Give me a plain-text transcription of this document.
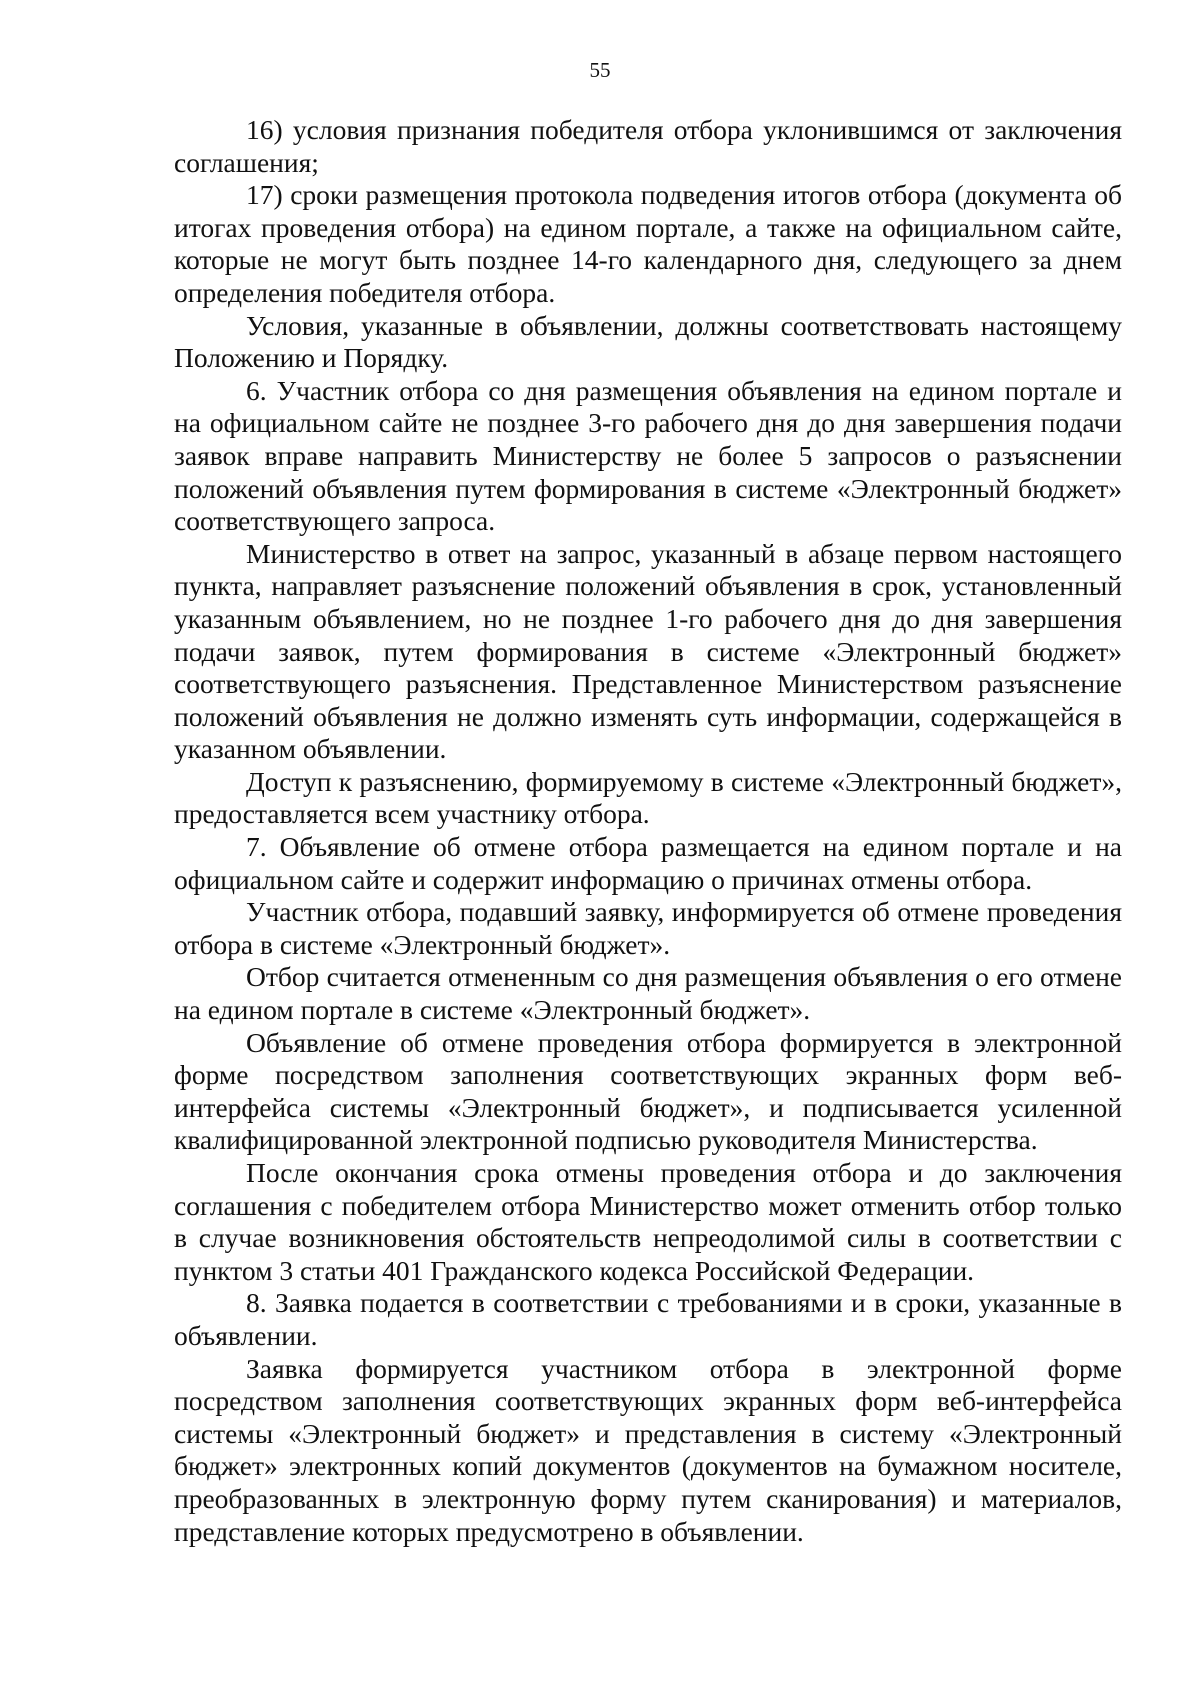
55

16) условия признания победителя отбора уклонившимся от заключения соглашения;

17) сроки размещения протокола подведения итогов отбора (документа об итогах проведения отбора) на едином портале, а также на официальном сайте, которые не могут быть позднее 14-го календарного дня, следующего за днем определения победителя отбора.

Условия, указанные в объявлении, должны соответствовать настоящему Положению и Порядку.

6. Участник отбора со дня размещения объявления на едином портале и на официальном сайте не позднее 3-го рабочего дня до дня завершения подачи заявок вправе направить Министерству не более 5 запросов о разъяснении положений объявления путем формирования в системе «Электронный бюджет» соответствующего запроса.

Министерство в ответ на запрос, указанный в абзаце первом настоящего пункта, направляет разъяснение положений объявления в срок, установленный указанным объявлением, но не позднее 1-го рабочего дня до дня завершения подачи заявок, путем формирования в системе «Электронный бюджет» соответствующего разъяснения. Представленное Министерством разъяснение положений объявления не должно изменять суть информации, содержащейся в указанном объявлении.

Доступ к разъяснению, формируемому в системе «Электронный бюджет», предоставляется всем участнику отбора.

7. Объявление об отмене отбора размещается на едином портале и на официальном сайте и содержит информацию о причинах отмены отбора.

Участник отбора, подавший заявку, информируется об отмене проведения отбора в системе «Электронный бюджет».

Отбор считается отмененным со дня размещения объявления о его отмене на едином портале в системе «Электронный бюджет».

Объявление об отмене проведения отбора формируется в электронной форме посредством заполнения соответствующих экранных форм веб-интерфейса системы «Электронный бюджет», и подписывается усиленной квалифицированной электронной подписью руководителя Министерства.

После окончания срока отмены проведения отбора и до заключения соглашения с победителем отбора Министерство может отменить отбор только в случае возникновения обстоятельств непреодолимой силы в соответствии с пунктом 3 статьи 401 Гражданского кодекса Российской Федерации.

8. Заявка подается в соответствии с требованиями и в сроки, указанные в объявлении.

Заявка формируется участником отбора в электронной форме посредством заполнения соответствующих экранных форм веб-интерфейса системы «Электронный бюджет» и представления в систему «Электронный бюджет» электронных копий документов (документов на бумажном носителе, преобразованных в электронную форму путем сканирования) и материалов, представление которых предусмотрено в объявлении.
